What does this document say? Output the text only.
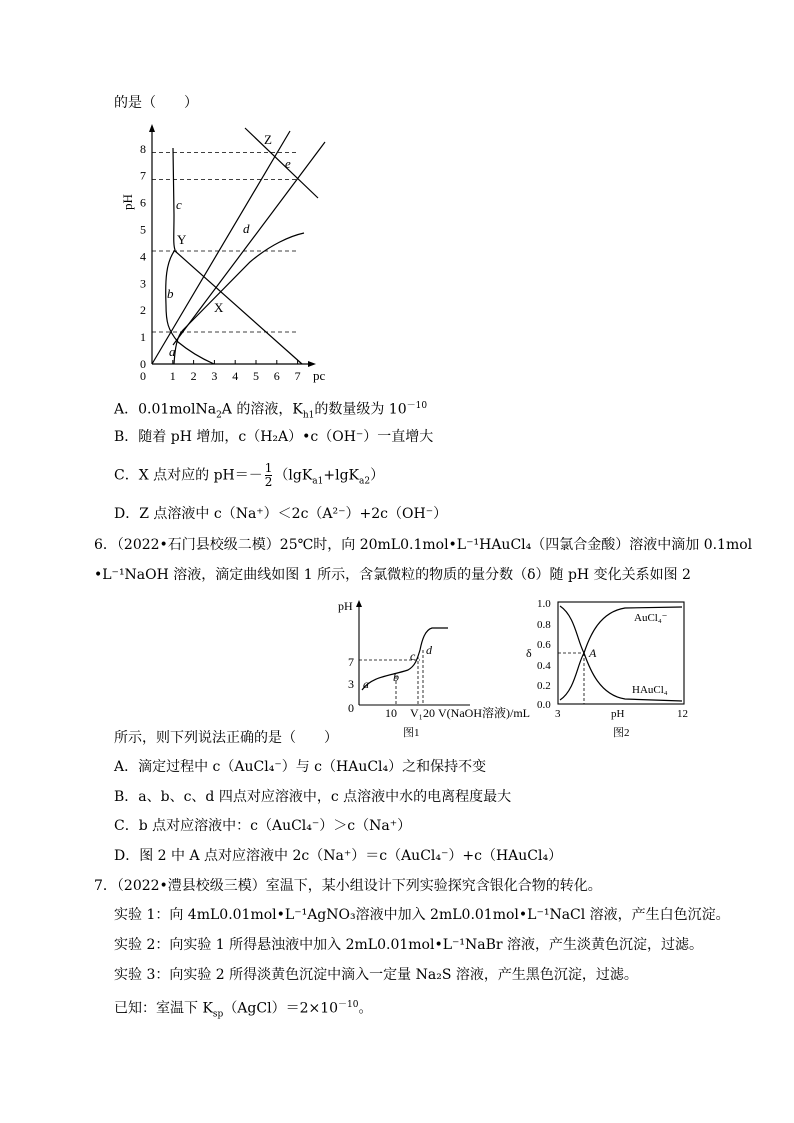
的是（　　）
0
1
2
3
4
5
6
7
8
1 2 3 4 5 6 7
0
pH
pc
Z
e
Y
X
a
b
c
d
A．0.01molNa$_2$A 的溶液，$K_{h1}$的数量级为 $10^{-10}$
B．随着 pH 增加，c（H₂A）•c（OH⁻）一直增大
C．X 点对应的 $pH=- \frac{1}{2} (\lg K_{a1}+\lg K_{a2})$
D．Z 点溶液中 c（Na⁺）＜2c（A²⁻）+2c（OH⁻）
6．（2022•石门县校级二模）25℃时，向 20mL0.1mol•L⁻¹HAuCl₄（四氯合金酸）溶液中滴加 0.1mol
•L⁻¹NaOH 溶液，滴定曲线如图 1 所示，含氯微粒的物质的量分数（δ）随 pH 变化关系如图 2
pH
3
7
0	10 V₁ 20 V(NaOH溶液)/mL
a b
c d
图1
1.0
0.8
0.6
0.4
0.2
0.0
δ
3	12
pH
A
AuCl₄⁻
HAuCl₄
图2
所示，则下列说法正确的是（　　）
A．滴定过程中 c（AuCl₄⁻）与 c（HAuCl₄）之和保持不变
B．a、b、c、d 四点对应溶液中，c 点溶液中水的电离程度最大
C．b 点对应溶液中：c（AuCl₄⁻）＞c（Na⁺）
D．图 2 中 A 点对应溶液中 2c（Na⁺）＝c（AuCl₄⁻）+c（HAuCl₄）
7．（2022•澧县校级三模）室温下，某小组设计下列实验探究含银化合物的转化。
实验 1：向 4mL0.01mol•L⁻¹AgNO₃溶液中加入 2mL0.01mol•L⁻¹NaCl 溶液，产生白色沉淀。
实验 2：向实验 1 所得悬浊液中加入 2mL0.01mol•L⁻¹NaBr 溶液，产生淡黄色沉淀，过滤。
实验 3：向实验 2 所得淡黄色沉淀中滴入一定量 Na₂S 溶液，产生黑色沉淀，过滤。
已知：室温下 $K_{sp}(AgCl)=2\times 10^{-10}$。
